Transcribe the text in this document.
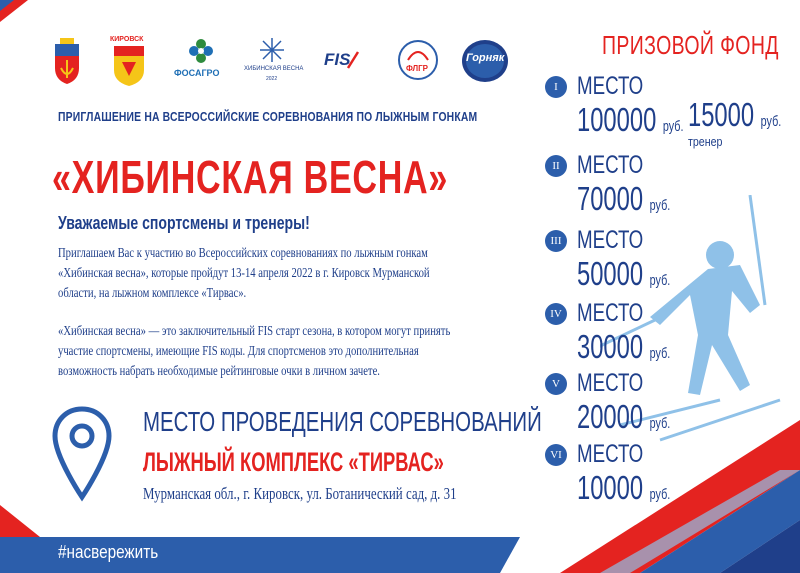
КИРОВСК
ФОСАГРО	ХИБИНСКАЯ ВЕСНА
2022
FIS	ФЛГР
Горняк
ПРИГЛАШЕНИЕ НА ВСЕРОССИЙСКИЕ СОРЕВНОВАНИЯ ПО ЛЫЖНЫМ ГОНКАМ
«ХИБИНСКАЯ ВЕСНА»
Уважаемые спортсмены и тренеры!
Приглашаем Вас к участию во Всероссийских соревнованиях по лыжным гонкам
«Хибинская весна», которые пройдут 13-14 апреля 2022 в г. Кировск Мурманской
области, на лыжном комплексе «Тирвас».
«Хибинская весна» — это заключительный FIS старт сезона, в котором могут принять
участие спортсмены, имеющие FIS коды. Для спортсменов это дополнительная
возможность набрать необходимые рейтинговые очки в личном зачете.
МЕСТО ПРОВЕДЕНИЯ СОРЕВНОВАНИЙ
ЛЫЖНЫЙ КОМПЛЕКС «ТИРВАС»
Мурманская обл., г. Кировск, ул. Ботанический сад, д. 31
#насвережить
ПРИЗОВОЙ ФОНД
I МЕСТО
100000 руб. 15000 руб.
тренер
II МЕСТО
70000 руб.
III МЕСТО
50000 руб.
IV МЕСТО
30000 руб.
V МЕСТО
20000 руб.
VI МЕСТО
10000 руб.
